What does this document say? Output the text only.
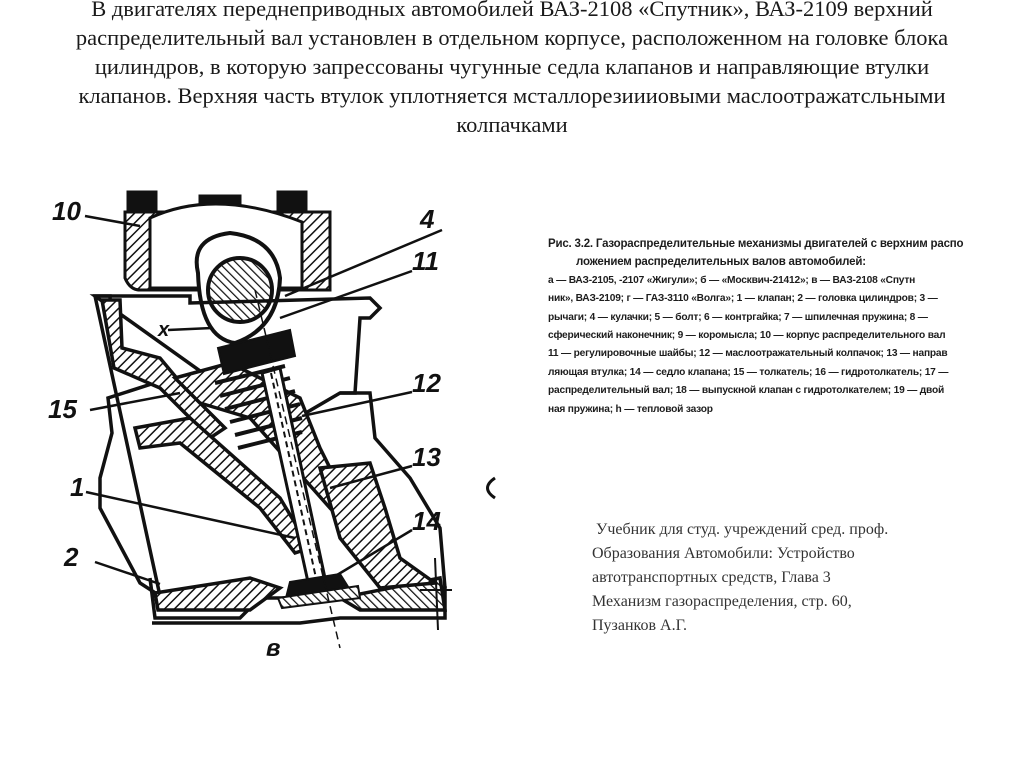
В двигателях переднеприводных автомобилей ВАЗ-2108 «Спутник», ВАЗ-2109 верхний
распределительный вал установлен в отдельном корпусе, расположенном на головке блока
цилиндров, в которую запрессованы чугунные седла клапанов и направляющие втулки
клапанов. Верхняя часть втулок уплотняется мсталлорезиииовыми маслоотражатсльными
колпачками
10	4
11
х
15
12
13
1
14
2
в
Рис. 3.2. Газораспределительные механизмы двигателей с верхним распо
ложением распределительных валов автомобилей:
а — ВАЗ-2105, -2107 «Жигули»; б — «Москвич-21412»; в — ВАЗ-2108 «Спутн
ник», ВАЗ-2109; г — ГАЗ-3110 «Волга»; 1 — клапан; 2 — головка цилиндров; 3 —
рычаги; 4 — кулачки; 5 — болт; 6 — контргайка; 7 — шпилечная пружина; 8 —
сферический наконечник; 9 — коромысла; 10 — корпус распределительного вал
11 — регулировочные шайбы; 12 — маслоотражательный колпачок; 13 — направ
ляющая втулка; 14 — седло клапана; 15 — толкатель; 16 — гидротолкатель; 17 —
распределительный вал; 18 — выпускной клапан с гидротолкателем; 19 — двой
ная пружина; h — тепловой зазор
Учебник для студ. учреждений сред. проф.
Образования Автомобили: Устройство
автотранспортных средств, Глава 3
Механизм газораспределения, стр. 60,
Пузанков А.Г.
